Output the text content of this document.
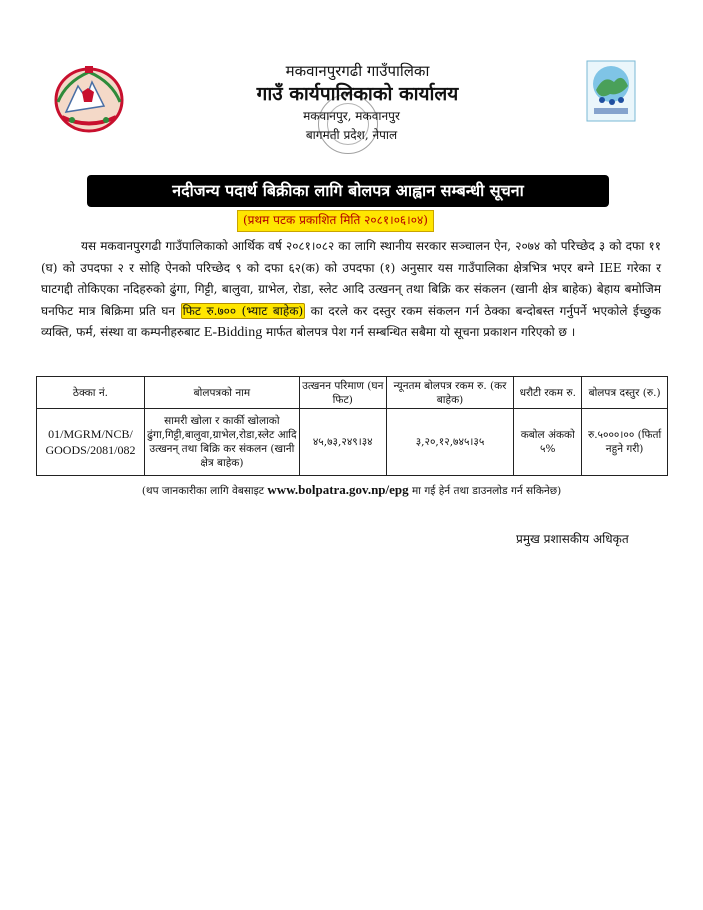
मकवानपुरगढी गाउँपालिका
गाउँ कार्यपालिकाको कार्यालय
मकवानपुर, मकवानपुर
बागमती प्रदेश, नेपाल
नदीजन्य पदार्थ बिक्रीका लागि बोलपत्र आह्वान सम्बन्धी सूचना
(प्रथम पटक प्रकाशित मिति २०८१।०६।०४)
यस मकवानपुरगढी गाउँपालिकाको आर्थिक वर्ष २०८१।०८२ का लागि स्थानीय सरकार सञ्चालन ऐन, २०७४ को परिच्छेद ३ को दफा ११ (घ) को उपदफा २ र सोहि ऐनको परिच्छेद ९ को दफा ६२(क) को उपदफा (१) अनुसार यस गाउँपालिका क्षेत्रभित्र भएर बग्ने IEE गरेका र घाटगद्दी तोकिएका नदिहरुको ढुंगा, गिट्टी, बालुवा, ग्राभेल, रोडा, स्लेट आदि उत्खनन् तथा बिक्रि कर संकलन (खानी क्षेत्र बाहेक) बेहाय बमोजिम घनफिट मात्र बिक्रिमा प्रति घन फिट रु.७०० (भ्याट बाहेक) का दरले कर दस्तुर रकम संकलन गर्न ठेक्का बन्दोबस्त गर्नुपर्ने भएकोले ईच्छुक व्यक्ति, फर्म, संस्था वा कम्पनीहरुबाट E-Bidding मार्फत बोलपत्र पेश गर्न सम्बन्धित सबैमा यो सूचना प्रकाशन गरिएको छ ।
ठेक्का नं.	बोलपत्रको नाम	उत्खनन परिमाण (घन फिट)	न्यूनतम बोलपत्र रकम रु. (कर बाहेक)	धरौटी रकम रु.	बोलपत्र दस्तुर (रु.)
01/MGRM/NCB/ GOODS/2081/082	सामरी खोला र कार्की खोलाको ढुंगा,गिट्टी,बालुवा,ग्राभेल,रोडा,स्लेट आदि उत्खनन् तथा बिक्रि कर संकलन (खानी क्षेत्र बाहेक)	४५,७३,२४९।३४	३,२०,१२,७४५।३५	कबोल अंकको ५%	रु.५०००।०० (फिर्ता नहुने गरी)
(थप जानकारीका लागि वेबसाइट www.bolpatra.gov.np/epg मा गई हेर्न तथा डाउनलोड गर्न सकिनेछ)
प्रमुख प्रशासकीय अधिकृत
